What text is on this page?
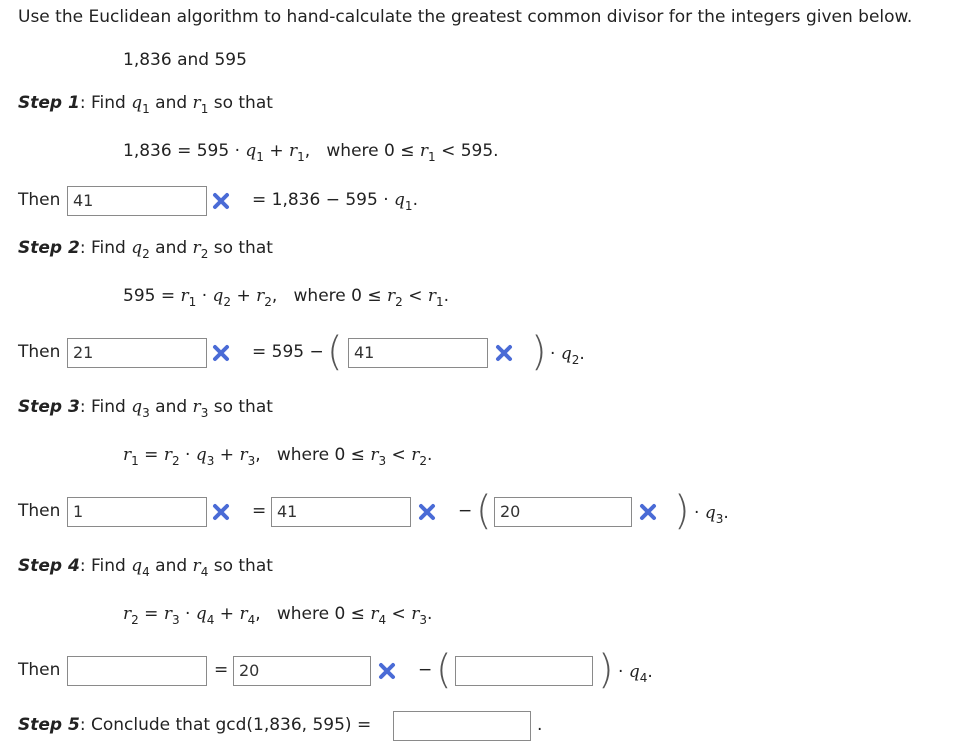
Use the Euclidean algorithm to hand-calculate the greatest common divisor for the integers given below.
1,836 and 595
Step 1: Find $q_1$ and $r_1$ so that
$1,836 = 595 \cdot q_1 + r_1$,   where $0 \le r_1 < 595$.
Then 41	= $1,836 - 595 \cdot q_1$.
Step 2: Find $q_2$ and $r_2$ so that
$595 = r_1 \cdot q_2 + r_2$,   where $0 \le r_2 < r_1$.
Then 21	= 595 − ( 41	) · $q_2$.
Step 3: Find $q_3$ and $r_3$ so that
$r_1 = r_2 \cdot q_3 + r_3$,   where $0 \le r_3 < r_2$.
Then 1	= 41	− ( 20	) · $q_3$.
Step 4: Find $q_4$ and $r_4$ so that
$r_2 = r_3 \cdot q_4 + r_4$,   where $0 \le r_4 < r_3$.
Then	= 20	− (	) · $q_4$.
Step 5: Conclude that gcd(1,836, 595) =	.
